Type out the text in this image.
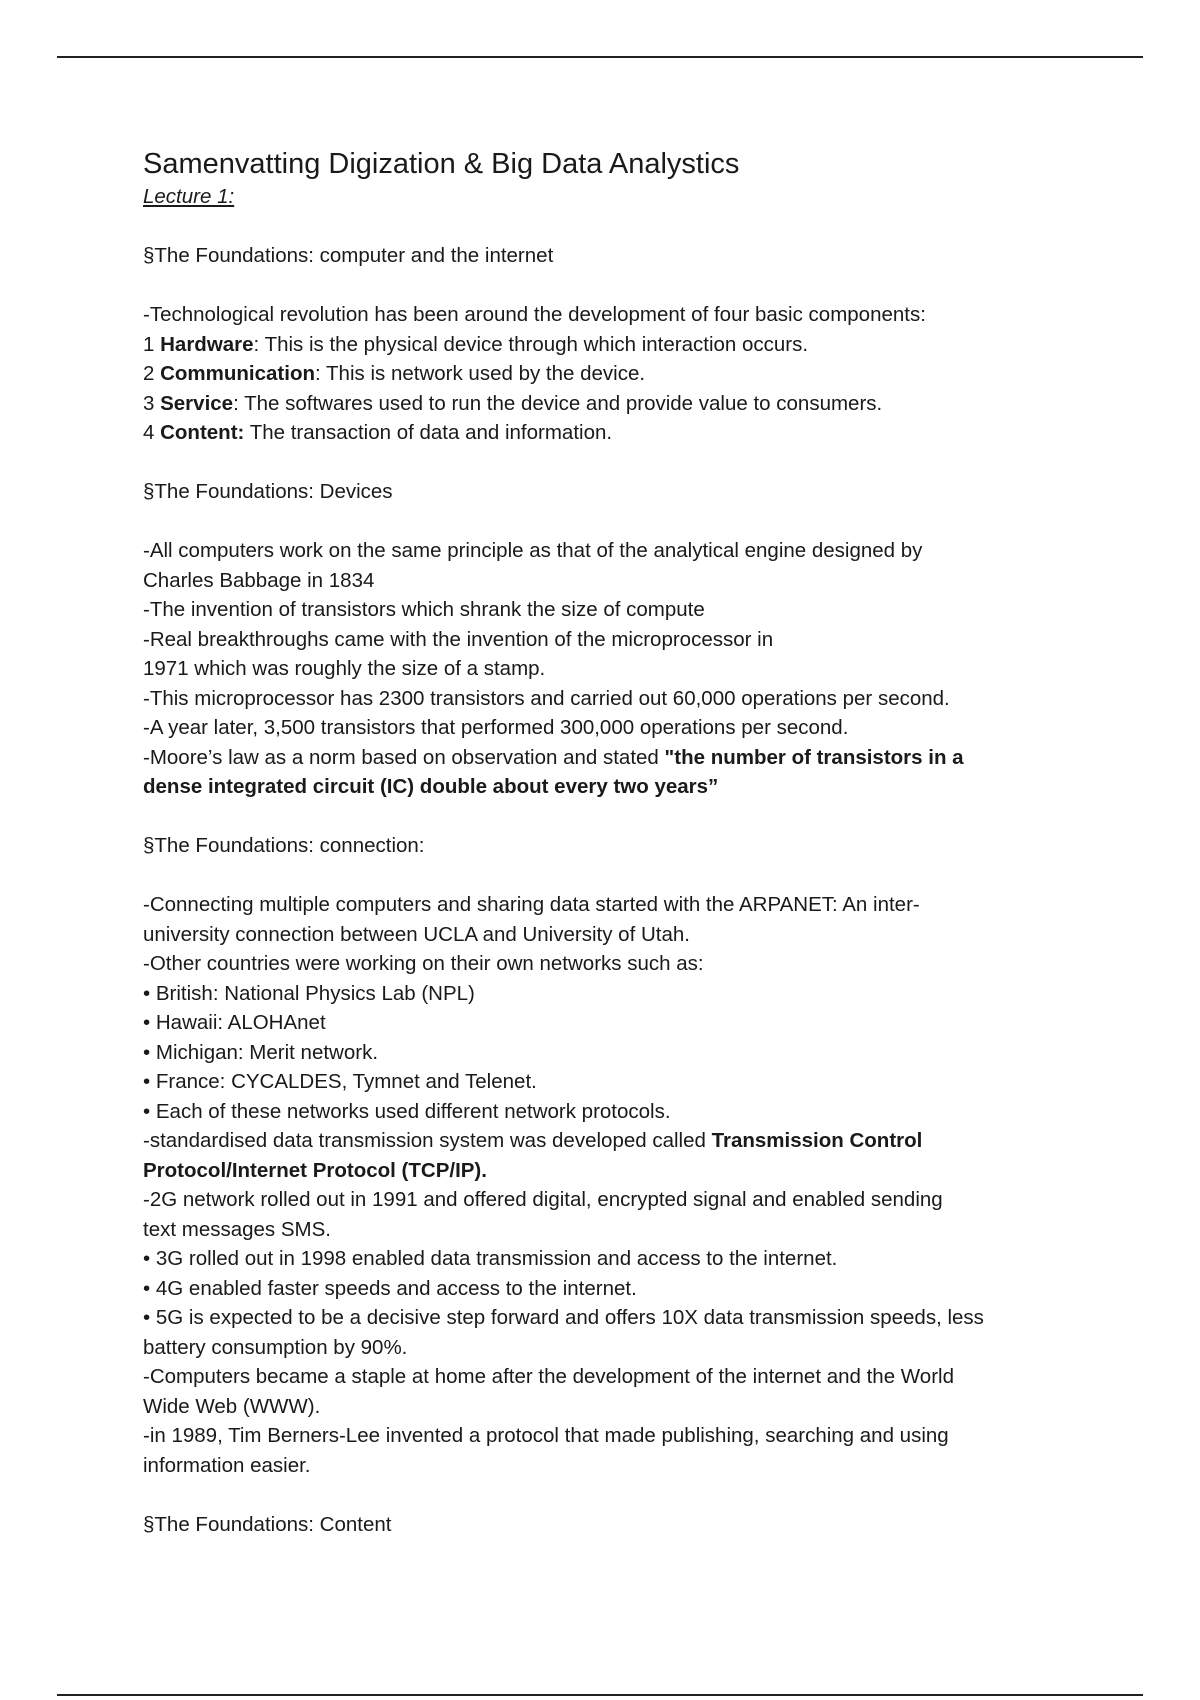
Samenvatting Digization & Big Data Analystics
Lecture 1:
§The Foundations: computer and the internet
-Technological revolution has been around the development of four basic components:
1 Hardware: This is the physical device through which interaction occurs.
2 Communication: This is network used by the device.
3 Service: The softwares used to run the device and provide value to consumers.
4 Content: The transaction of data and information.
§The Foundations: Devices
-All computers work on the same principle as that of the analytical engine designed by
Charles Babbage in 1834
-The invention of transistors which shrank the size of compute
-Real breakthroughs came with the invention of the microprocessor in
1971 which was roughly the size of a stamp.
-This microprocessor has 2300 transistors and carried out 60,000 operations per second.
-A year later, 3,500 transistors that performed 300,000 operations per second.
-Moore’s law as a norm based on observation and stated "the number of transistors in a
dense integrated circuit (IC) double about every two years”
§The Foundations: connection:
-Connecting multiple computers and sharing data started with the ARPANET: An inter-
university connection between UCLA and University of Utah.
-Other countries were working on their own networks such as:
• British: National Physics Lab (NPL)
• Hawaii: ALOHAnet
• Michigan: Merit network.
• France: CYCALDES, Tymnet and Telenet.
• Each of these networks used different network protocols.
-standardised data transmission system was developed called Transmission Control
Protocol/Internet Protocol (TCP/IP).
-2G network rolled out in 1991 and offered digital, encrypted signal and enabled sending
text messages SMS.
• 3G rolled out in 1998 enabled data transmission and access to the internet.
• 4G enabled faster speeds and access to the internet.
• 5G is expected to be a decisive step forward and offers 10X data transmission speeds, less
battery consumption by 90%.
-Computers became a staple at home after the development of the internet and the World
Wide Web (WWW).
-in 1989, Tim Berners-Lee invented a protocol that made publishing, searching and using
information easier.
§The Foundations: Content
